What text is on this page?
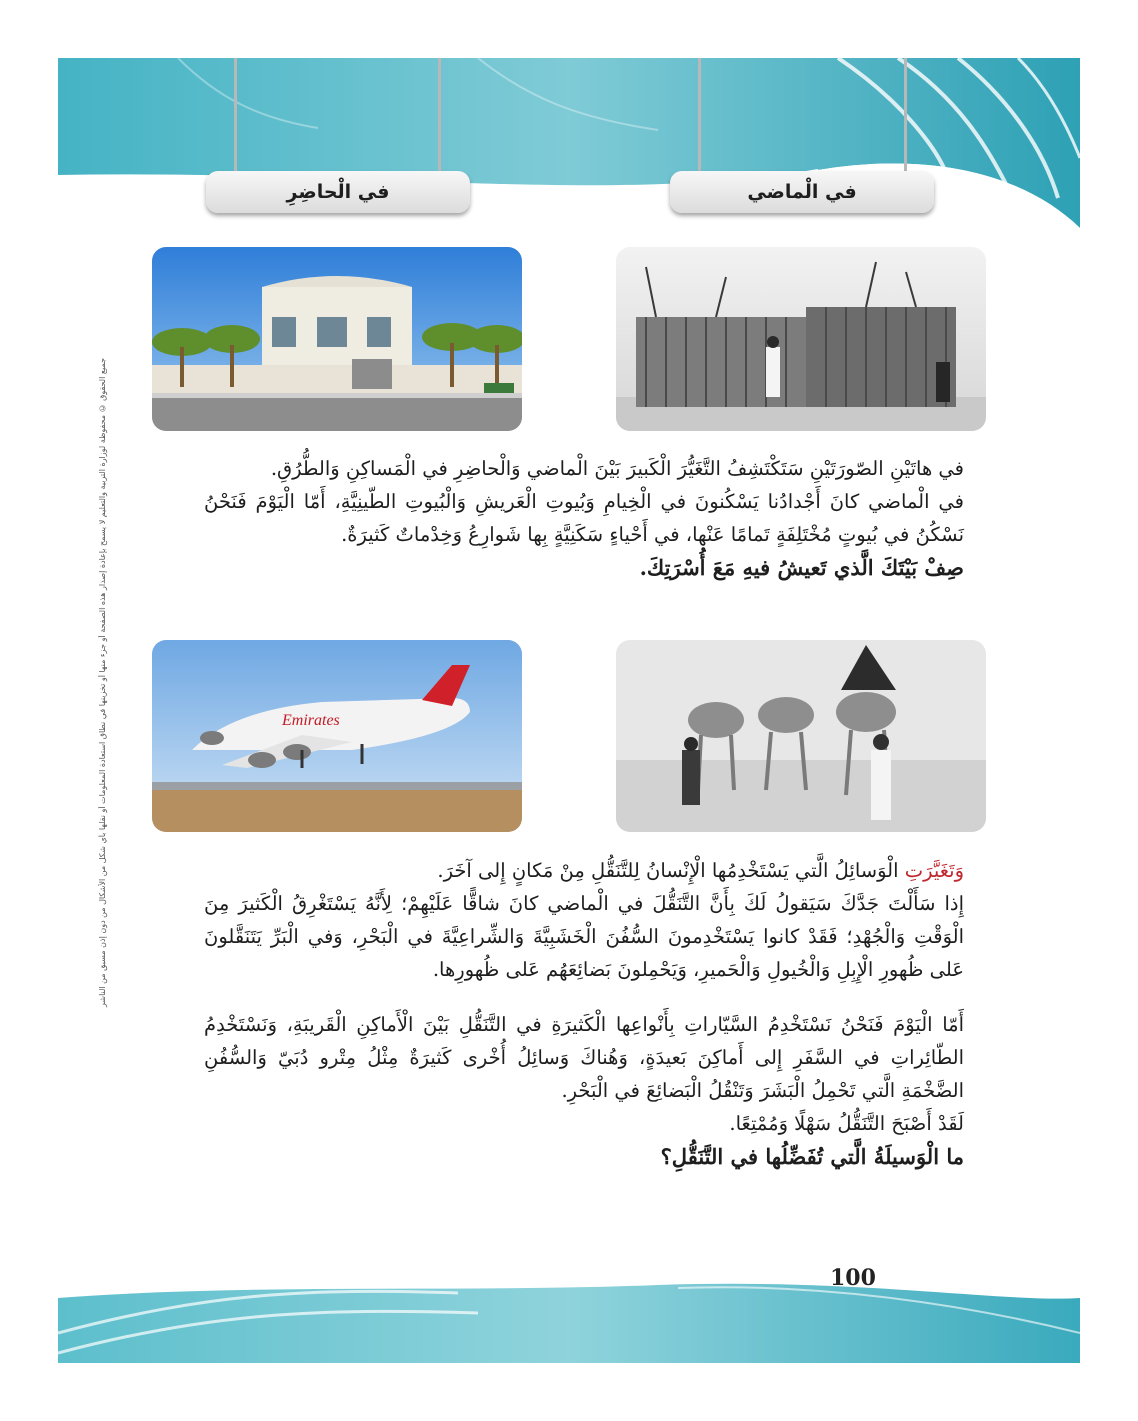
في الْحاضِرِ	في الْماضي
Emirates
جميع الحقوق © محفوظة لوزارة التربية والتعليم لا يسمح بإعادة إصدار هذه الصفحة أو جزء منها أو تخزينها في نطاق استعادة المعلومات أو نقلها بأي شكل من الأشكال من دون إذن مسبق من الناشر	في هاتَيْنِ الصّورَتَيْنِ سَتَكْتَشِفُ التَّغَيُّرَ الْكَبيرَ بَيْنَ الْماضي وَالْحاضِرِ في الْمَساكِنِ وَالطُّرُقِ.

في الْماضي كانَ أَجْدادُنا يَسْكُنونَ في الْخِيامِ وَبُيوتِ الْعَريشِ وَالْبُيوتِ الطّينِيَّةِ، أَمّا الْيَوْمَ فَنَحْنُ نَسْكُنُ في بُيوتٍ مُخْتَلِفَةٍ تَمامًا عَنْها، في أَحْياءٍ سَكَنِيَّةٍ بِها شَوارِعُ وَخِدْماتٌ كَثيرَةٌ.

صِفْ بَيْتَكَ الَّذي تَعيشُ فيهِ مَعَ أُسْرَتِكَ.

وَتَغَيَّرَتِ الْوَسائِلُ الَّتي يَسْتَخْدِمُها الْإِنْسانُ لِلتَّنَقُّلِ مِنْ مَكانٍ إِلى آخَرَ.

إِذا سَأَلْتَ جَدَّكَ سَيَقولُ لَكَ بِأَنَّ التَّنَقُّلَ في الْماضي كانَ شاقًّا عَلَيْهِمْ؛ لِأَنَّهُ يَسْتَغْرِقُ الْكَثيرَ مِنَ الْوَقْتِ وَالْجُهْدِ؛ فَقَدْ كانوا يَسْتَخْدِمونَ السُّفُنَ الْخَشَبِيَّةَ وَالشِّراعِيَّةَ في الْبَحْرِ، وَفي الْبَرِّ يَتَنَقَّلونَ عَلى ظُهورِ الْإِبِلِ وَالْخُيولِ وَالْحَميرِ، وَيَحْمِلونَ بَضائِعَهُم عَلى ظُهورِها.

أَمّا الْيَوْمَ فَنَحْنُ نَسْتَخْدِمُ السَّيّاراتِ بِأَنْواعِها الْكَثيرَةِ في التَّنَقُّلِ بَيْنَ الْأَماكِنِ الْقَريبَةِ، وَنَسْتَخْدِمُ الطّائِراتِ في السَّفَرِ إِلى أَماكِنَ بَعيدَةٍ، وَهُناكَ وَسائِلُ أُخْرى كَثيرَةٌ مِثْلُ مِتْرو دُبَيّ وَالسُّفُنِ الضَّخْمَةِ الَّتي تَحْمِلُ الْبَشَرَ وَتَنْقُلُ الْبَضائِعَ في الْبَحْرِ.

لَقَدْ أَصْبَحَ التَّنَقُّلُ سَهْلًا وَمُمْتِعًا.

ما الْوَسيلَةُ الَّتي تُفَضِّلُها في التَّنَقُّلِ؟

100
